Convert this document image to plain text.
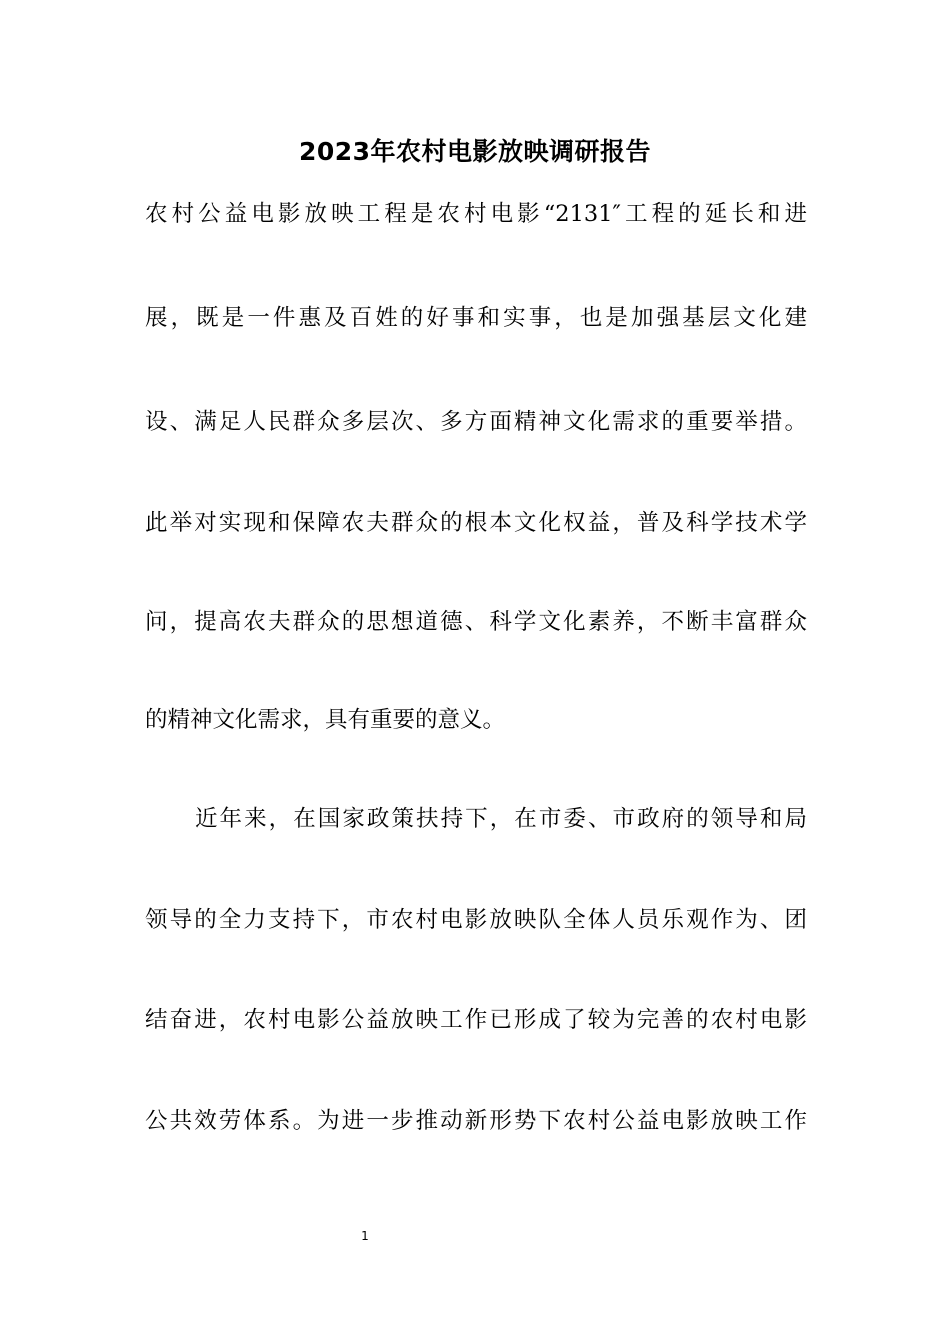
2023年农村电影放映调研报告
农村公益电影放映工程是农村电影“2131″工程的延长和进
展，既是一件惠及百姓的好事和实事，也是加强基层文化建
设、满足人民群众多层次、多方面精神文化需求的重要举措。
此举对实现和保障农夫群众的根本文化权益，普及科学技术学
问，提高农夫群众的思想道德、科学文化素养，不断丰富群众
的精神文化需求，具有重要的意义。
近年来，在国家政策扶持下，在市委、市政府的领导和局
领导的全力支持下，市农村电影放映队全体人员乐观作为、团
结奋进，农村电影公益放映工作已形成了较为完善的农村电影
公共效劳体系。为进一步推动新形势下农村公益电影放映工作
1
